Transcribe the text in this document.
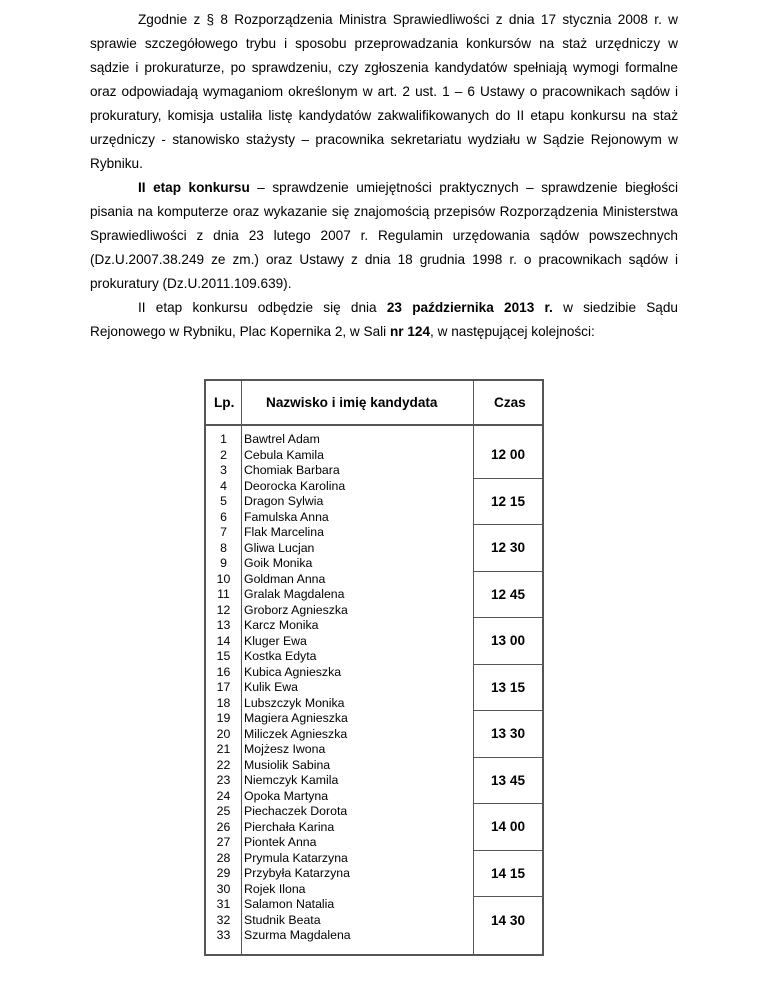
Zgodnie z § 8 Rozporządzenia Ministra Sprawiedliwości z dnia 17 stycznia 2008 r. w sprawie szczegółowego trybu i sposobu przeprowadzania konkursów na staż urzędniczy w sądzie i prokuraturze, po sprawdzeniu, czy zgłoszenia kandydatów spełniają wymogi formalne oraz odpowiadają wymaganiom określonym w art. 2 ust. 1 – 6 Ustawy o pracownikach sądów i prokuratury, komisja ustaliła listę kandydatów zakwalifikowanych do II etapu konkursu na staż urzędniczy - stanowisko stażysty – pracownika sekretariatu wydziału w Sądzie Rejonowym w Rybniku.

II etap konkursu – sprawdzenie umiejętności praktycznych – sprawdzenie biegłości pisania na komputerze oraz wykazanie się znajomością przepisów Rozporządzenia Ministerstwa Sprawiedliwości z dnia 23 lutego 2007 r. Regulamin urzędowania sądów powszechnych (Dz.U.2007.38.249 ze zm.) oraz Ustawy z dnia 18 grudnia 1998 r. o pracownikach sądów i prokuratury (Dz.U.2011.109.639).

II etap konkursu odbędzie się dnia 23 października 2013 r. w siedzibie Sądu Rejonowego w Rybniku, Plac Kopernika 2, w Sali nr 124, w następującej kolejności:

Lp. Nazwisko i imię kandydata	Czas
1
2
3
4
5
6
7
8
9
10
11
12
13
14
15
16
17
18
19
20
21
22
23
24
25
26
27
28
29
30
31
32
33
Bawtrel Adam
Cebula Kamila
Chomiak Barbara
Deorocka Karolina
Dragon Sylwia
Famulska Anna
Flak Marcelina
Gliwa Lucjan
Goik Monika
Goldman Anna
Gralak Magdalena
Groborz Agnieszka
Karcz Monika
Kluger Ewa
Kostka Edyta
Kubica Agnieszka
Kulik Ewa
Lubszczyk Monika
Magiera Agnieszka
Miliczek Agnieszka
Mojżesz Iwona
Musiolik Sabina
Niemczyk Kamila
Opoka Martyna
Piechaczek Dorota
Pierchała Karina
Piontek Anna
Prymula Katarzyna
Przybyła Katarzyna
Rojek Ilona
Salamon Natalia
Studnik Beata
Szurma Magdalena
12 00
12 15
12 30
12 45
13 00
13 15
13 30
13 45
14 00
14 15
14 30
